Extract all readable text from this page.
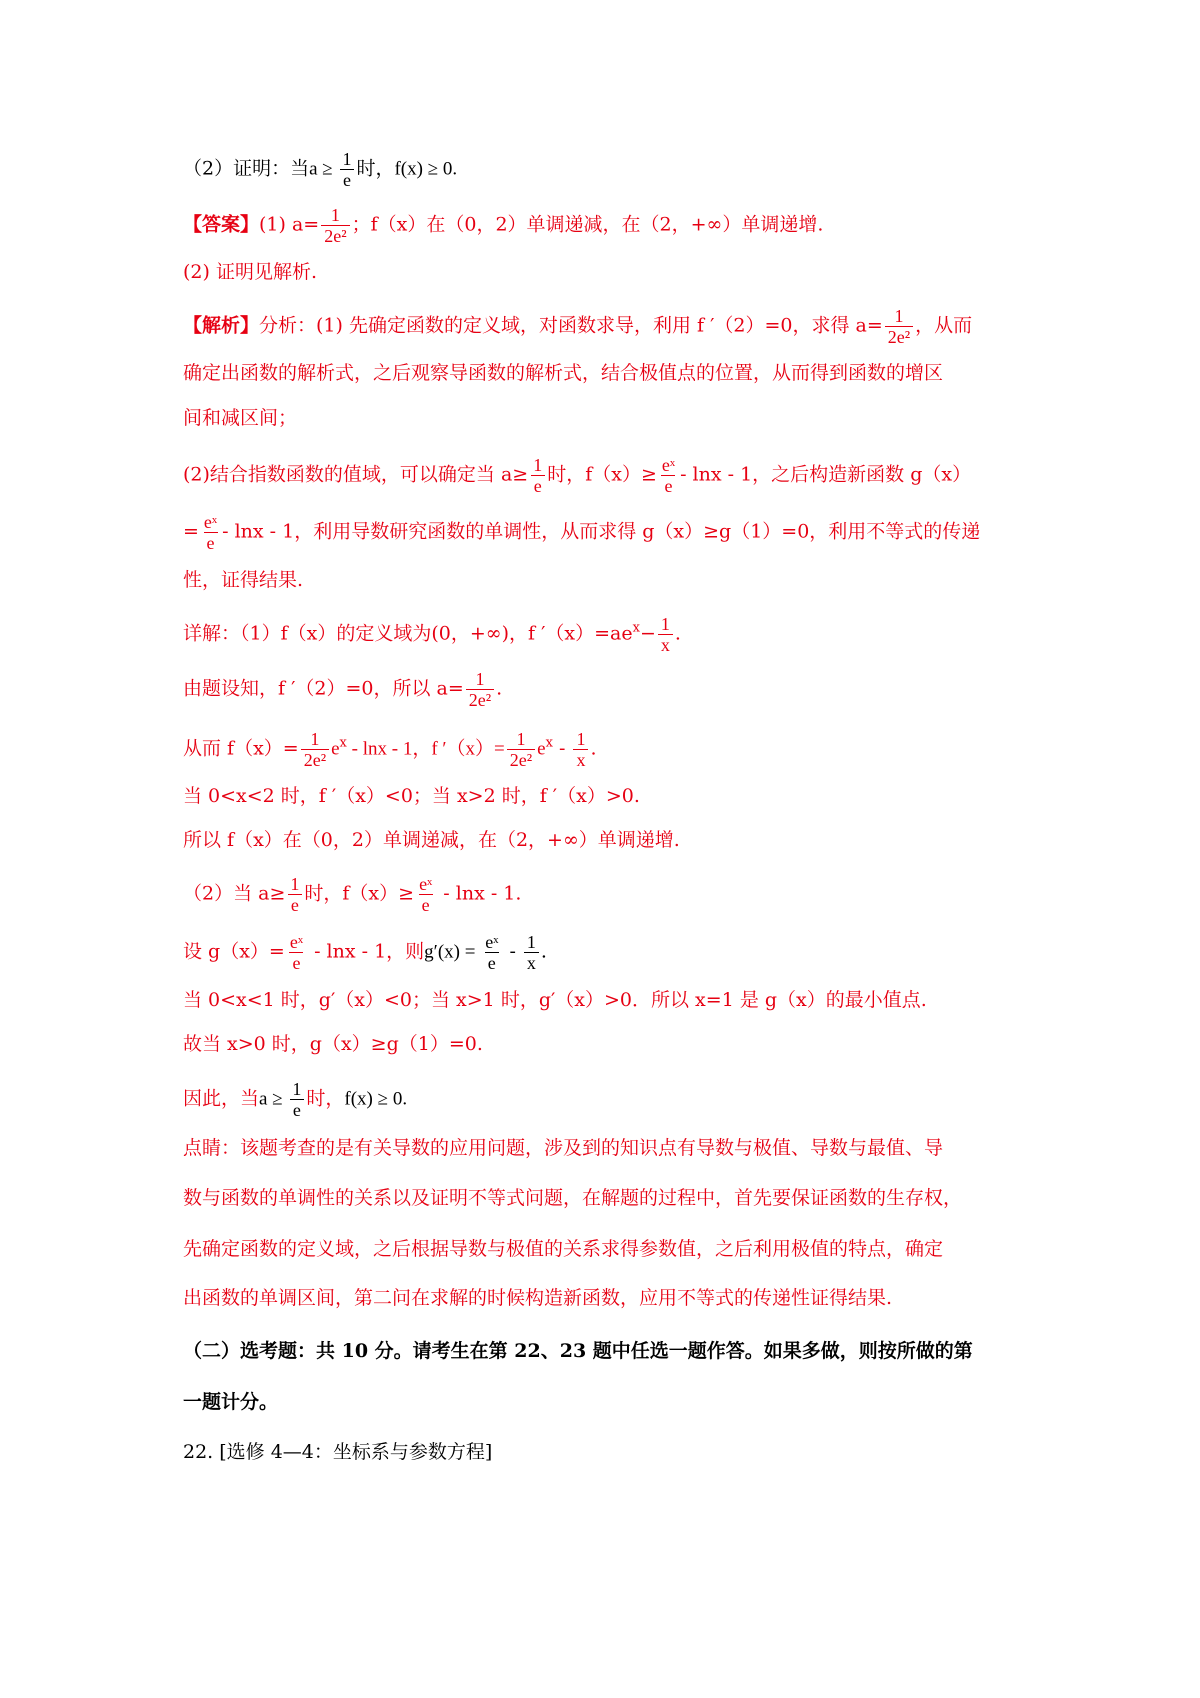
（2）证明：当$a \ge \frac{1}{e}$ 时，f(x) ≥ 0.
【答案】(1) $a= \frac{1}{\text{2e²}}$ ；f（x）在（0，2）单调递减，在（2，+∞）单调递增.
(2) 证明见解析.
【解析】分析：(1) 先确定函数的定义域，对函数求导，利用 f ′（2）=0，求得 $a= \frac{1}{\text{2e²}}$ ，从而
确定出函数的解析式，之后观察导函数的解析式，结合极值点的位置，从而得到函数的增区
间和减区间；
(2)结合指数函数的值域，可以确定当 $a\ge \frac{1}{e}$ 时，$f(x)\ge \frac{\text{eˣ}}{e} - \ln x - 1$，之后构造新函数 g（x）
= $\frac{\text{eˣ}}{e}$ - lnx - 1，利用导数研究函数的单调性，从而求得 g（x）≥g（1）=0，利用不等式的传递
性，证得结果.
详解：（1）f（x）的定义域为(0，+∞)，f $'(x)=ae^x- \frac{1}{x}$ .
由题设知，f ′（2）=0，所以 $a= \frac{1}{\text{2e²}}$ .
从而 $f(x)= \frac{1}{\text{2e²}} e^x - \ln x - 1$，f $'(x)= \frac{1}{\text{2e²}} e^x - \frac{1}{x}$ .
当 0<x<2 时，f ′（x）<0；当 x>2 时，f ′（x）>0.
所以 f（x）在（0，2）单调递减，在（2，+∞）单调递增.
（2）当 $a\ge \frac{1}{e}$ 时，$f(x)\ge \frac{\text{eˣ}}{e} - \ln x - 1$.
设 $g(x)= \frac{\text{eˣ}}{e} - \ln x - 1$，则$g'(x) = \frac{\text{eˣ}}{e} - \frac{1}{x}$ .
当 0<x<1 时，g′（x）<0；当 x>1 时，g′（x）>0．所以 x=1 是 g（x）的最小值点.
故当 x>0 时，g（x）≥g（1）=0.
因此，当$a \ge \frac{1}{e}$ 时，f(x) ≥ 0.
点睛：该题考查的是有关导数的应用问题，涉及到的知识点有导数与极值、导数与最值、导
数与函数的单调性的关系以及证明不等式问题，在解题的过程中，首先要保证函数的生存权，
先确定函数的定义域，之后根据导数与极值的关系求得参数值，之后利用极值的特点，确定
出函数的单调区间，第二问在求解的时候构造新函数，应用不等式的传递性证得结果.
（二）选考题：共 10 分。请考生在第 22、23 题中任选一题作答。如果多做，则按所做的第
一题计分。
22. [选修 4—4：坐标系与参数方程]
